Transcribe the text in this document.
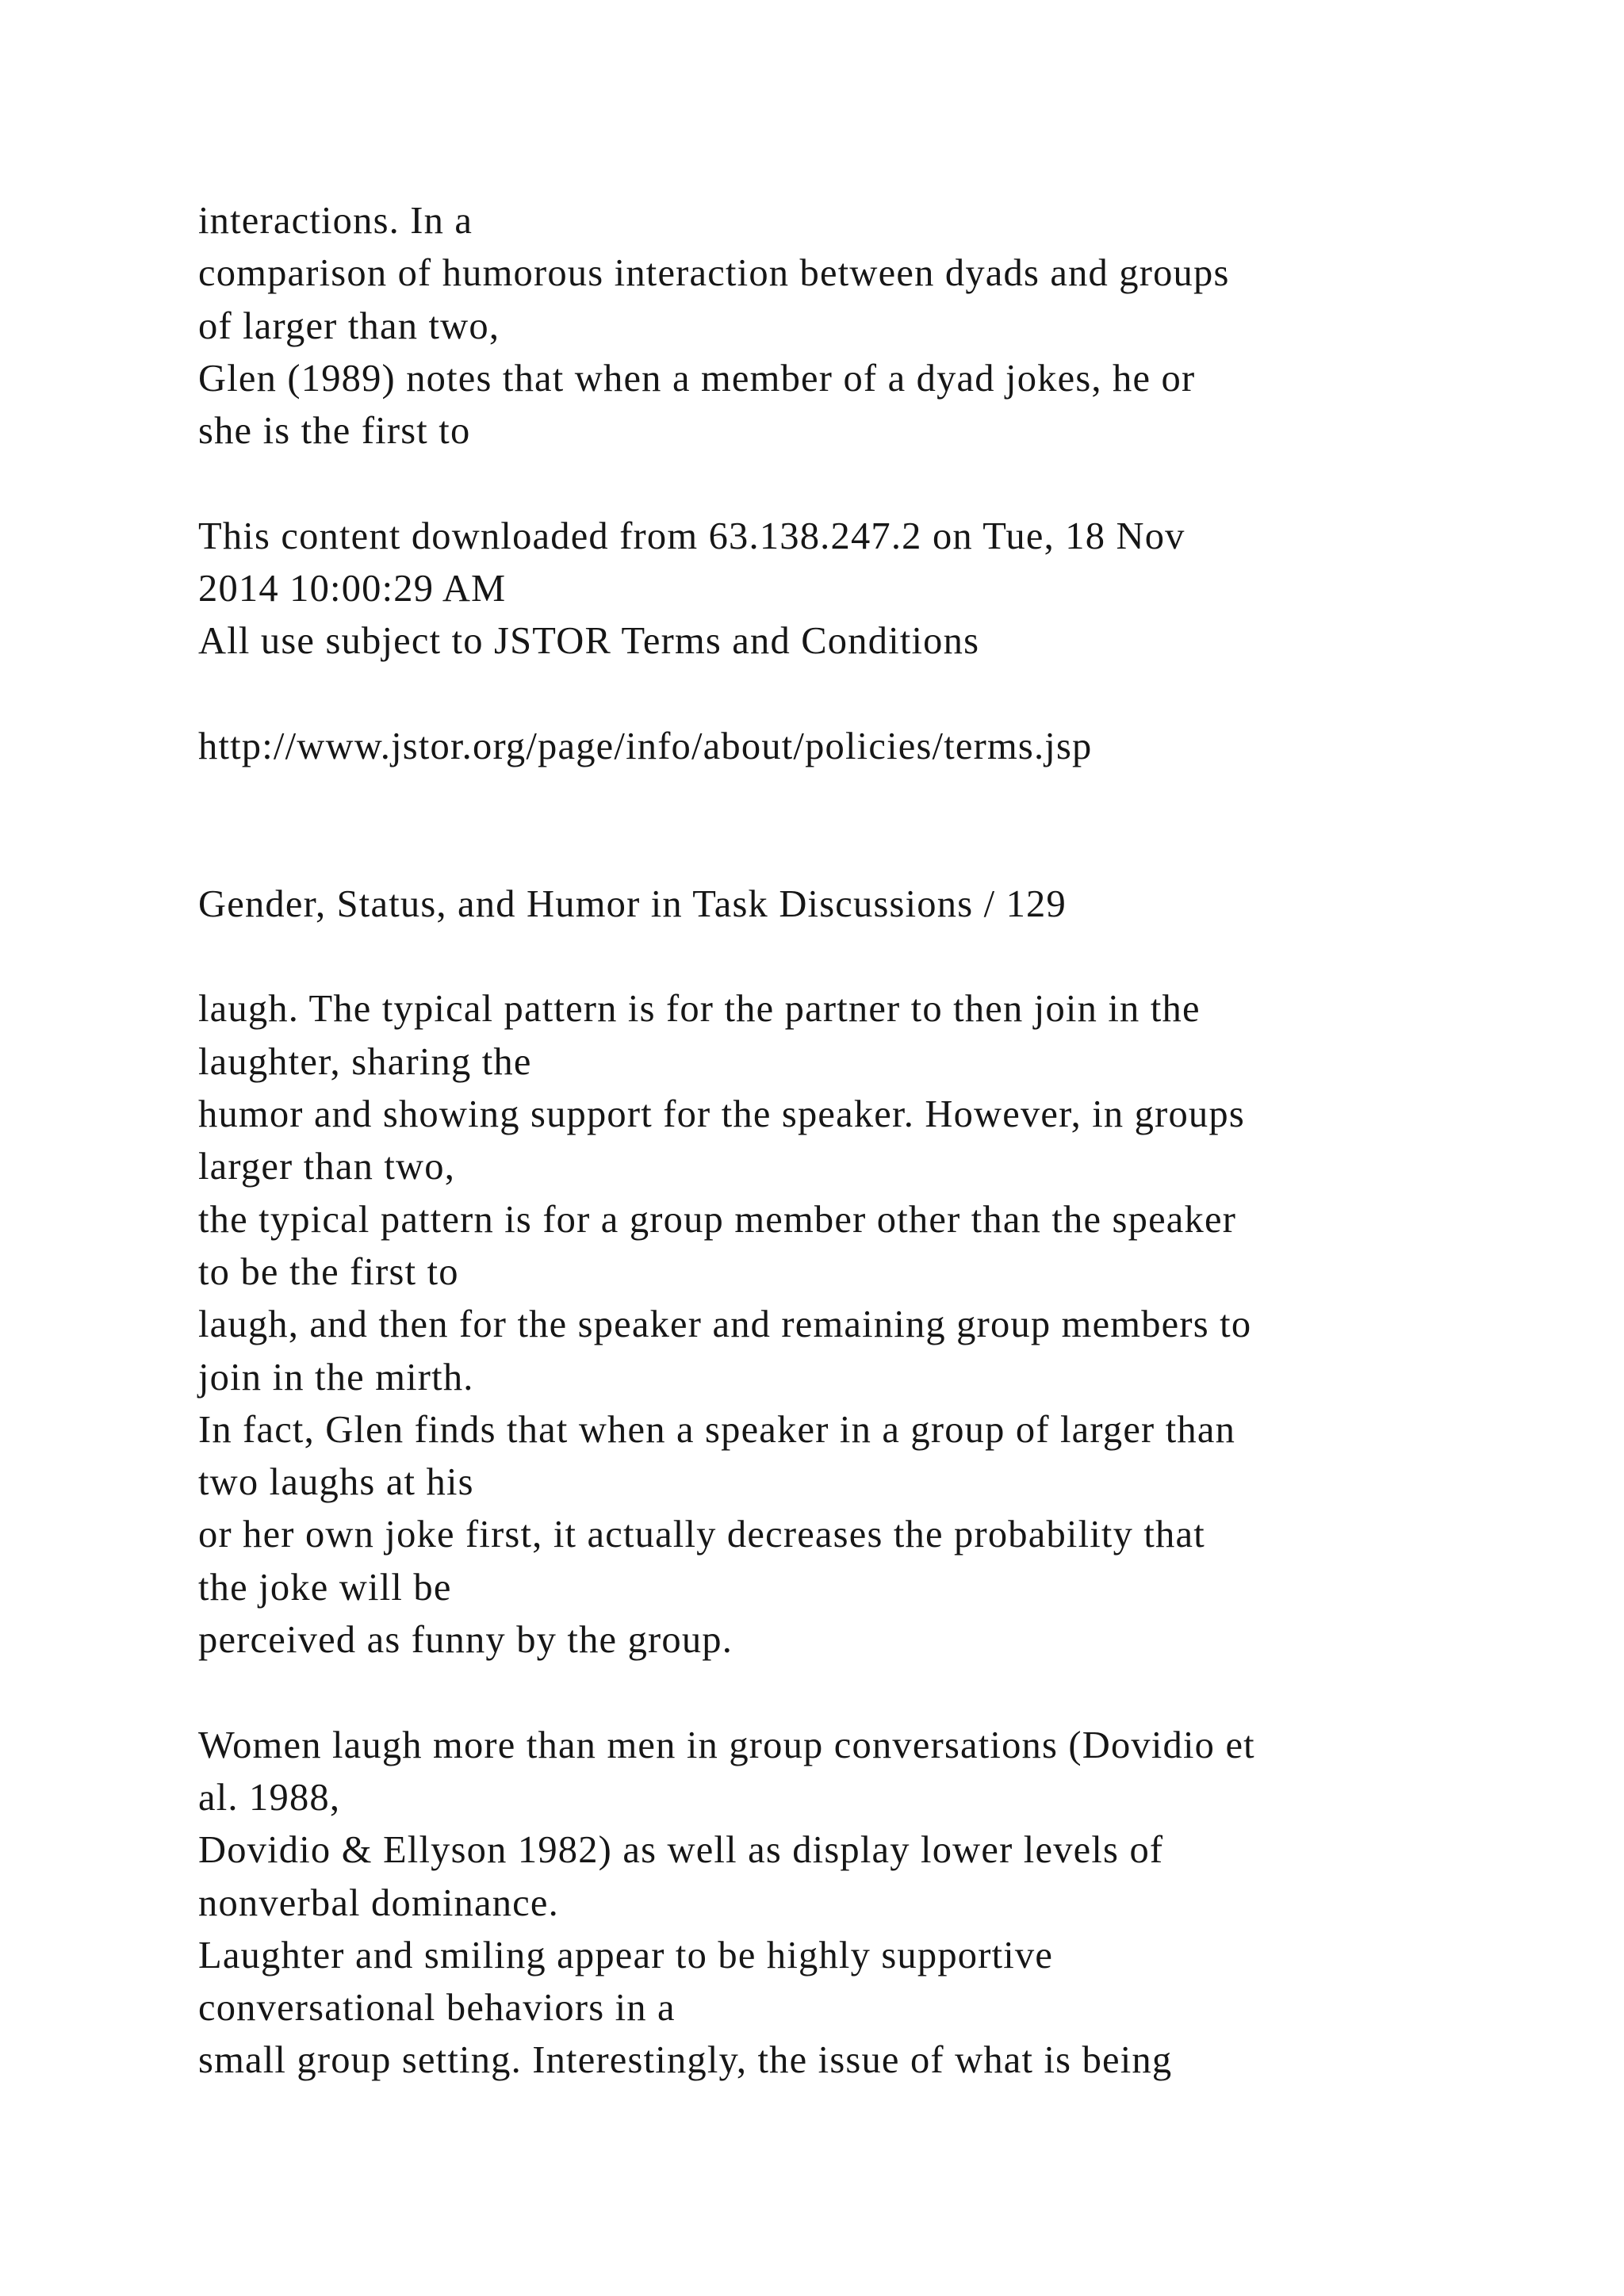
interactions. In a
comparison of humorous interaction between dyads and groups
of larger than two,
Glen (1989) notes that when a member of a dyad jokes, he or
she is the first to
This content downloaded from 63.138.247.2 on Tue, 18 Nov
2014 10:00:29 AM
All use subject to JSTOR Terms and Conditions
http://www.jstor.org/page/info/about/policies/terms.jsp
Gender, Status, and Humor in Task Discussions / 129
laugh. The typical pattern is for the partner to then join in the
laughter, sharing the
humor and showing support for the speaker. However, in groups
larger than two,
the typical pattern is for a group member other than the speaker
to be the first to
laugh, and then for the speaker and remaining group members to
join in the mirth.
In fact, Glen finds that when a speaker in a group of larger than
two laughs at his
or her own joke first, it actually decreases the probability that
the joke will be
perceived as funny by the group.
Women laugh more than men in group conversations (Dovidio et
al. 1988,
Dovidio & Ellyson 1982) as well as display lower levels of
nonverbal dominance.
Laughter and smiling appear to be highly supportive
conversational behaviors in a
small group setting. Interestingly, the issue of what is being
